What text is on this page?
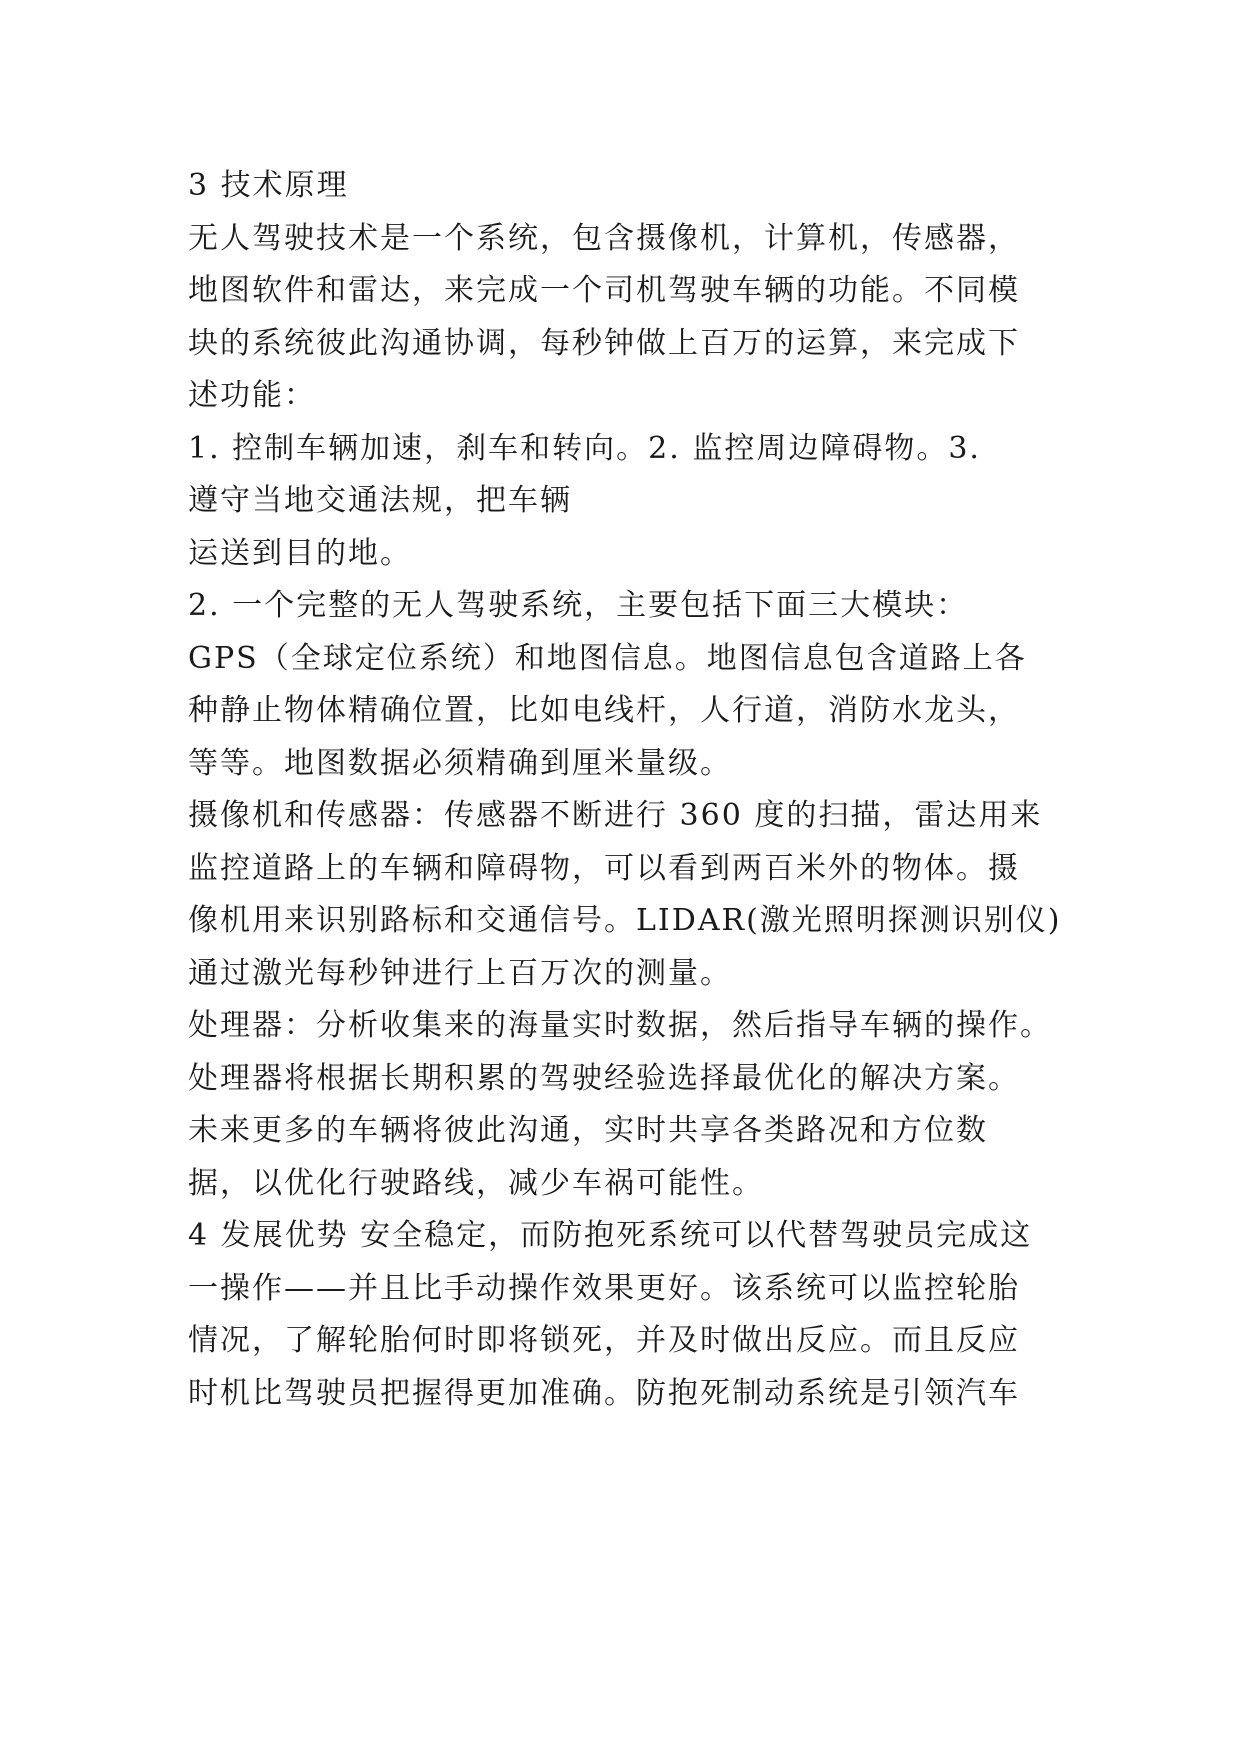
3 技术原理
无人驾驶技术是一个系统，包含摄像机，计算机，传感器，
地图软件和雷达，来完成一个司机驾驶车辆的功能。不同模
块的系统彼此沟通协调，每秒钟做上百万的运算，来完成下
述功能：
1. 控制车辆加速，刹车和转向。2. 监控周边障碍物。3.
遵守当地交通法规，把车辆
运送到目的地。
2. 一个完整的无人驾驶系统，主要包括下面三大模块：
GPS（全球定位系统）和地图信息。地图信息包含道路上各
种静止物体精确位置，比如电线杆，人行道，消防水龙头，
等等。地图数据必须精确到厘米量级。
摄像机和传感器：传感器不断进行 360 度的扫描，雷达用来
监控道路上的车辆和障碍物，可以看到两百米外的物体。摄
像机用来识别路标和交通信号。LIDAR(激光照明探测识别仪)
通过激光每秒钟进行上百万次的测量。
处理器：分析收集来的海量实时数据，然后指导车辆的操作。
处理器将根据长期积累的驾驶经验选择最优化的解决方案。
未来更多的车辆将彼此沟通，实时共享各类路况和方位数
据，以优化行驶路线，减少车祸可能性。
4 发展优势 安全稳定，而防抱死系统可以代替驾驶员完成这
一操作——并且比手动操作效果更好。该系统可以监控轮胎
情况，了解轮胎何时即将锁死，并及时做出反应。而且反应
时机比驾驶员把握得更加准确。防抱死制动系统是引领汽车
